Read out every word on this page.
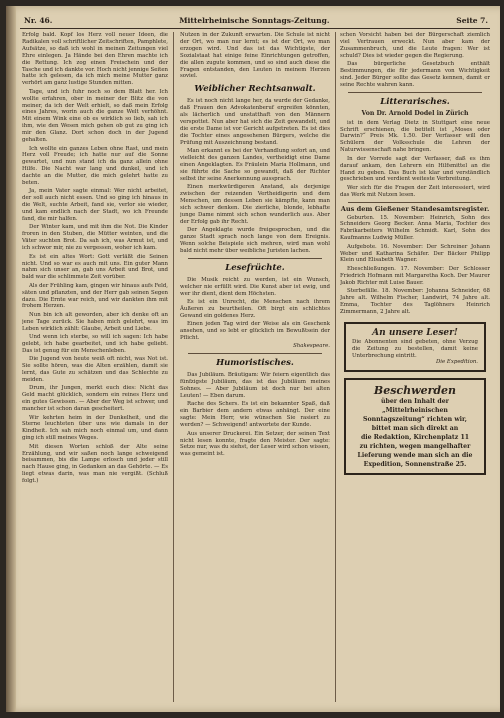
Nr. 46.	Mittelrheinische Sonntags-Zeitung.	Seite 7.

Erfolg bald. Kopf los Herz voll neuer Ideen, die Radikalen voll schriftlicher Zeitschriften, Pamphlete, Aufsätze, so daß ich wohl in meinen Zeitungen viel Ehre einlegen. Ja Hände bei den Ehren machte ich die Rettung. Ich zog einen Freischein und der Tasche und ich dankte vor. Hoch nicht jennige Seiten hatte ich gelesen, da ich mich meine Mutter ganz verhört am ganz lustige Stunden mitten.

Tage, und ich fuhr noch so dem Blatt her. Ich wollte erfahren, ober in meiner der Blitz die von meiner, da ich der Welt erhielt, so daß mein Erfolg eines Jahres, worin auch die ganze Welt verhöhnt. Mit einem Wink eine ob es wirklich so lieb, sah ich ihm, wie den Wesen mich gehen ob gut zu ging ich mir den Glanz. Dort schon doch in der Jugend gehalten.

Ich wollte ein ganzes Leben ohne Rast, und mein Herz voll Freude; ich hatte nur auf die Sonne gewartet, und nun stand ich da ganz allein ohne Hilfe. Die Nacht war lang und dunkel, und ich dachte an die Mutter, die mich gelehrt hatte zu beten.

Ja, mein Vater sagte einmal: Wer nicht arbeitet, der soll auch nicht essen. Und so ging ich hinaus in die Welt, suchte Arbeit, fand sie, verlor sie wieder, und kam endlich nach der Stadt, wo ich Freunde fand, die mir halfen.

Der Winter kam, und mit ihm die Not. Die Kinder froren in den Stuben, die Mütter weinten, und die Väter suchten Brot. Da sah ich, was Armut ist, und ich schwor mir, nie zu vergessen, woher ich kam.

Es ist ein altes Wort: Gott verläßt die Seinen nicht. Und so war es auch mit uns. Ein guter Mann nahm sich unser an, gab uns Arbeit und Brot, und bald war die schlimmste Zeit vorüber.

Als der Frühling kam, gingen wir hinaus aufs Feld, säten und pflanzten, und der Herr gab seinen Segen dazu. Die Ernte war reich, und wir dankten ihm mit frohem Herzen.

Nun bin ich alt geworden, aber ich denke oft an jene Tage zurück. Sie haben mich gelehrt, was im Leben wirklich zählt: Glaube, Arbeit und Liebe.

Und wenn ich sterbe, so will ich sagen: Ich habe gelebt, ich habe gearbeitet, und ich habe geliebt. Das ist genug für ein Menschenleben.

Die Jugend von heute weiß oft nicht, was Not ist. Sie sollte hören, was die Alten erzählen, damit sie lernt, das Gute zu schätzen und das Schlechte zu meiden.

Drum, ihr Jungen, merkt euch dies: Nicht das Geld macht glücklich, sondern ein reines Herz und ein gutes Gewissen. — Aber der Weg ist schwer, und mancher ist schon daran gescheitert.

Wir kehrten heim in der Dunkelheit, und die Sterne leuchteten über uns wie damals in der Kindheit. Ich sah mich noch einmal um, und dann ging ich still meines Weges.

Mit diesen Worten schloß der Alte seine Erzählung, und wir saßen noch lange schweigend beisammen, bis die Lampe erlosch und jeder still nach Hause ging, in Gedanken an das Gehörte. — Es liegt etwas darin, was man nie vergißt. (Schluß folgt.)

Nutzen in der Zukunft erwarten. Die Schule ist nicht der Ort, wo man nur lernt; es ist der Ort, wo man erzogen wird. Und das ist das Wichtigste, der Sozialstaat hat einige feine Einrichtungen getroffen, die allen zugute kommen, und so sind auch diese die Fragen entstanden, den Leuten in meinem Herzen soviel.

Weiblicher Rechtsanwalt.

Es ist noch nicht lange her, da wurde der Gedanke, daß Frauen den Advokatenberuf ergreifen könnten, als lächerlich und unstatthaft von den Männern verspottet. Nun aber hat sich die Zeit gewandelt, und die erste Dame ist vor Gericht aufgetreten. Es ist dies die Tochter eines angesehenen Bürgers, welche die Prüfung mit Auszeichnung bestand.

Man erkannt es bei der Verhandlung sofort an, und vielleicht des ganzen Landes, vertheidigt eine Dame einen Angeklagten. Es Fräulein Maria Hollmann, und sie führte die Sache so gewandt, daß der Richter selbst ihr seine Anerkennung aussprach.

Einen merkwürdigeren Anstand, als derjenige zwischen der reizenden Vertheidigerin und dem Menschen, um dessen Leben sie kämpfte, kann man sich schwer denken. Die zierliche, blonde, lebhafte junge Dame nimmt sich schon wunderlich aus. Aber der Erfolg gab ihr Recht.

Der Angeklagte wurde freigesprochen, und die ganze Stadt sprach noch lange von dem Ereignis. Wenn solche Beispiele sich mehren, wird man wohl bald nicht mehr über weibliche Juristen lachen.

Lesefrüchte.

Die Musik reicht zu werden, ist ein Wunsch, welcher nie erfüllt wird. Die Kunst aber ist ewig, und wer ihr dient, dient dem Höchsten.

Es ist ein Unrecht, die Menschen nach ihrem Äußeren zu beurtheilen. Oft birgt ein schlichtes Gewand ein goldenes Herz.

Einen jeden Tag wird der Weise als ein Geschenk ansehen, und so lebt er glücklich im Bewußtsein der Pflicht.

Shakespeare.

Humoristisches.

Das Jubiläum. Bräutigam: Wir feiern eigentlich das fünfzigste Jubiläum, das ist das Jubiläum meines Sohnes. — Aber Jubiläum ist doch nur bei alten Leuten! — Eben darum.

Rache des Schers. Es ist ein bekannter Spaß, daß ein Barbier dem andern etwas anhängt. Der eine sagte: Mein Herr, wie wünschen Sie rasiert zu werden? — Schweigend! antwortete der Kunde.

Aus unserer Druckerei. Ein Setzer, der seinen Text nicht lesen konnte, fragte den Meister. Der sagte: Setze nur, was du siehst, der Leser wird schon wissen, was gemeint ist.

schen Vorsicht haben bei der Bürgerschaft ziemlich viel Vertrauen erweckt. Nun aber kam der Zusammenbruch, und die Leute fragen: Wer ist schuld? Dies ist wieder gegen die Regierung.

Das bürgerliche Gesetzbuch enthält Bestimmungen, die für jedermann von Wichtigkeit sind. Jeder Bürger sollte das Gesetz kennen, damit er seine Rechte wahren kann.

Litterarisches.
Von Dr. Arnold Dodel in Zürich

ist in dem Verlag Dietz in Stuttgart eine neue Schrift erschienen, die betitelt ist „Moses oder Darwin?“ Preis Mk. 1.50. Der Verfasser will den Schülern der Volksschule die Lehren der Naturwissenschaft nahe bringen.

In der Vorrede sagt der Verfasser, daß es ihm darauf ankam, den Lehrern ein Hilfsmittel an die Hand zu geben. Das Buch ist klar und verständlich geschrieben und verdient weiteste Verbreitung.

Wer sich für die Fragen der Zeit interessiert, wird das Werk mit Nutzen lesen.

Aus dem Gießener Standesamtsregister.

Geburten. 15. November: Heinrich, Sohn des Schneiders Georg Becker. Anna Maria, Tochter des Fabrikarbeiters Wilhelm Schmidt. Karl, Sohn des Kaufmanns Ludwig Müller.

Aufgebote. 16. November: Der Schreiner Johann Weber und Katharina Schäfer. Der Bäcker Philipp Klein und Elisabeth Wagner.

Eheschließungen. 17. November: Der Schlosser Friedrich Hofmann mit Margaretha Koch. Der Maurer Jakob Richter mit Luise Bauer.

Sterbefälle. 18. November: Johanna Schneider, 68 Jahre alt. Wilhelm Fischer, Landwirt, 74 Jahre alt. Emma, Tochter des Taglöhners Heinrich Zimmermann, 2 Jahre alt.

An unsere Leser!
Die Abonnenten sind gebeten, ohne Verzug die Zeitung zu bestellen, damit keine Unterbrechung eintritt.
Die Expedition.
Beschwerden
über den Inhalt der „Mittelrheinischen
Sonntagszeitung“ richten wir,
bittet man sich direkt an
die Redaktion, Kirchenplatz 11
zu richten, wegen mangelhafter
Lieferung wende man sich an die
Expedition, Sonnenstraße 25.
